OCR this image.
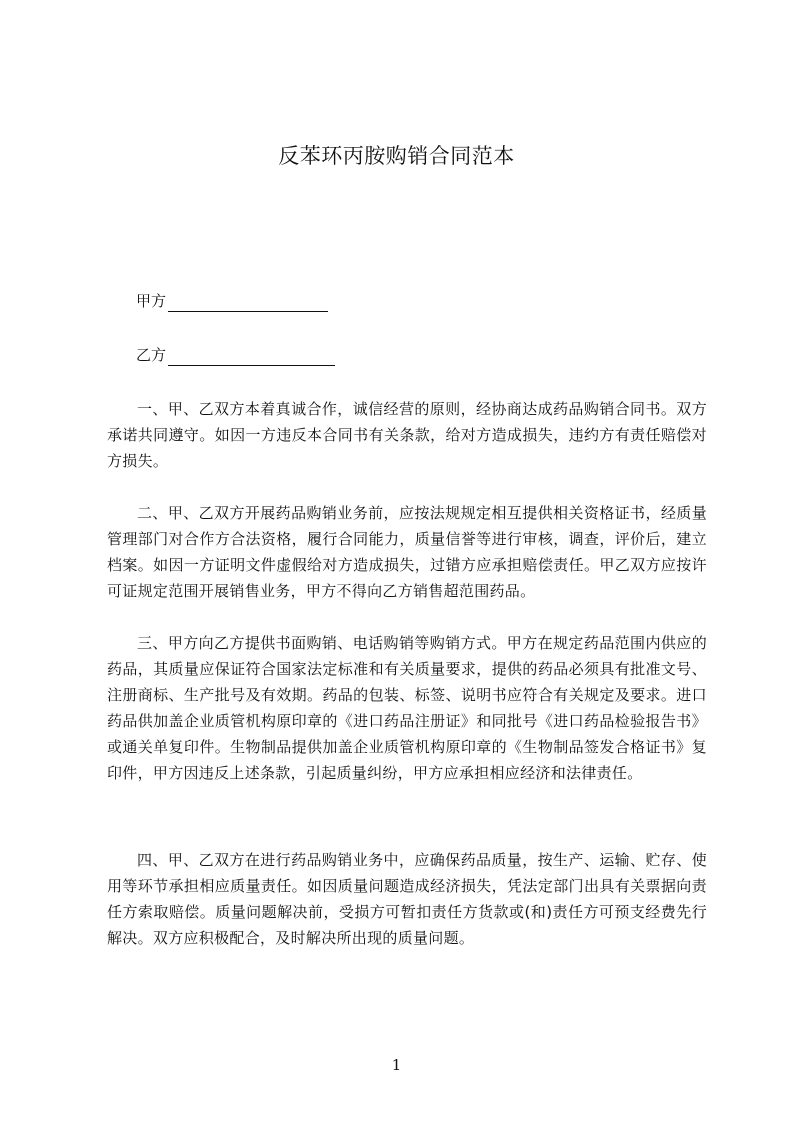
反苯环丙胺购销合同范本
甲方
乙方

一、甲、乙双方本着真诚合作，诚信经营的原则，经协商达成药品购销合同书。双方承诺共同遵守。如因一方违反本合同书有关条款，给对方造成损失，违约方有责任赔偿对方损失。

二、甲、乙双方开展药品购销业务前，应按法规规定相互提供相关资格证书，经质量管理部门对合作方合法资格，履行合同能力，质量信誉等进行审核，调查，评价后，建立档案。如因一方证明文件虚假给对方造成损失，过错方应承担赔偿责任。甲乙双方应按许可证规定范围开展销售业务，甲方不得向乙方销售超范围药品。

三、甲方向乙方提供书面购销、电话购销等购销方式。甲方在规定药品范围内供应的药品，其质量应保证符合国家法定标准和有关质量要求，提供的药品必须具有批准文号、注册商标、生产批号及有效期。药品的包装、标签、说明书应符合有关规定及要求。进口药品供加盖企业质管机构原印章的《进口药品注册证》和同批号《进口药品检验报告书》或通关单复印件。生物制品提供加盖企业质管机构原印章的《生物制品签发合格证书》复印件，甲方因违反上述条款，引起质量纠纷，甲方应承担相应经济和法律责任。

四、甲、乙双方在进行药品购销业务中，应确保药品质量，按生产、运输、贮存、使用等环节承担相应质量责任。如因质量问题造成经济损失，凭法定部门出具有关票据向责任方索取赔偿。质量问题解决前，受损方可暂扣责任方货款或(和)责任方可预支经费先行解决。双方应积极配合，及时解决所出现的质量问题。

1
